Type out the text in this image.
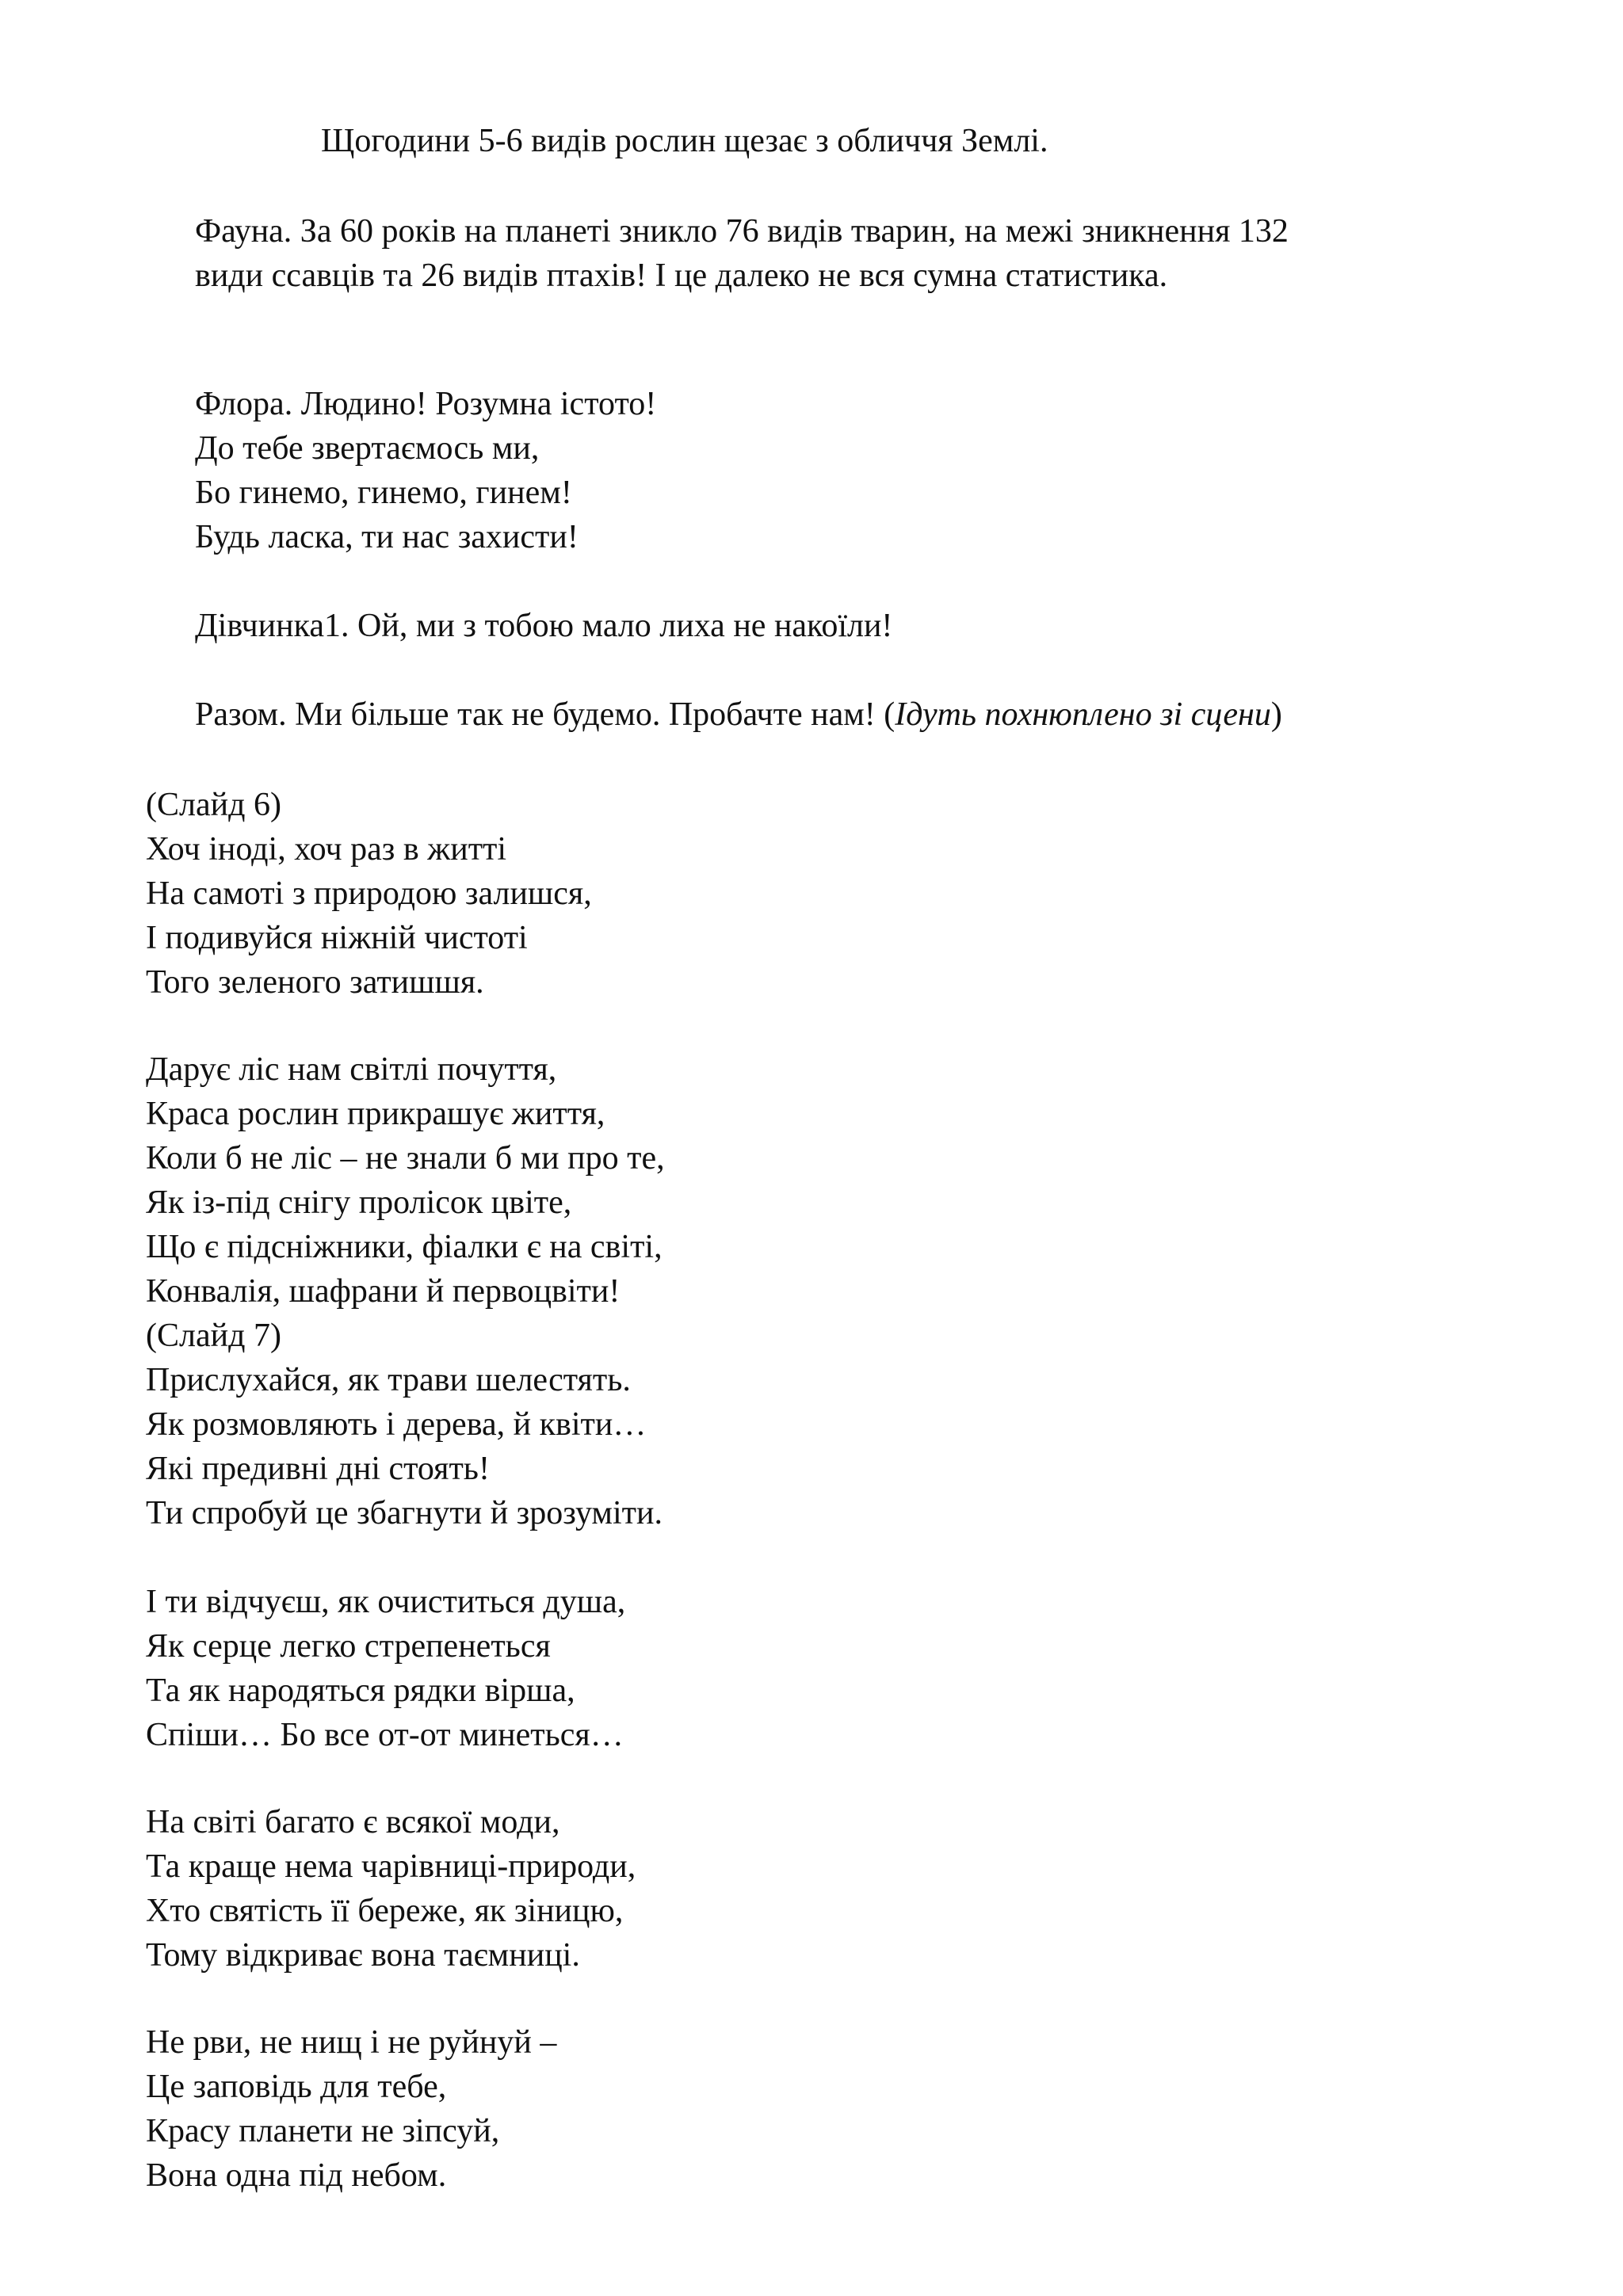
Щогодини 5-6 видів рослин щезає з обличчя Землі.

Фауна. За 60 років на планеті зникло 76 видів тварин, на межі зникнення 132

види ссавців та 26 видів птахів! І це далеко не вся сумна статистика.

Флора. Людино! Розумна істото!

До тебе звертаємось ми,

Бо гинемо, гинемо, гинем!

Будь ласка, ти нас захисти!

Дівчинка1. Ой, ми з тобою мало лиха не накоїли!

Разом. Ми більше так не будемо. Пробачте нам! (Ідуть похнюплено зі сцени)

(Слайд 6)

Хоч іноді, хоч раз в житті

На самоті з природою залишся,

І подивуйся ніжній чистоті

Того зеленого затишшя.

Дарує ліс нам світлі почуття,

Краса рослин прикрашує життя,

Коли б не ліс – не знали б ми про те,

Як із-під снігу пролісок цвіте,

Що є підсніжники, фіалки є на світі,

Конвалія, шафрани й первоцвіти!

(Слайд 7)

Прислухайся, як трави шелестять.

Як розмовляють і дерева, й квіти…

Які предивні дні стоять!

Ти спробуй це збагнути й зрозуміти.

І ти відчуєш, як очиститься душа,

Як серце легко стрепенеться

Та як народяться рядки вірша,

Спіши… Бо все от-от минеться…

На світі багато є всякої моди,

Та краще нема чарівниці-природи,

Хто святість її береже, як зіницю,

Тому відкриває вона таємниці.

Не рви, не нищ і не руйнуй –

Це заповідь для тебе,

Красу планети не зіпсуй,

Вона одна під небом.
